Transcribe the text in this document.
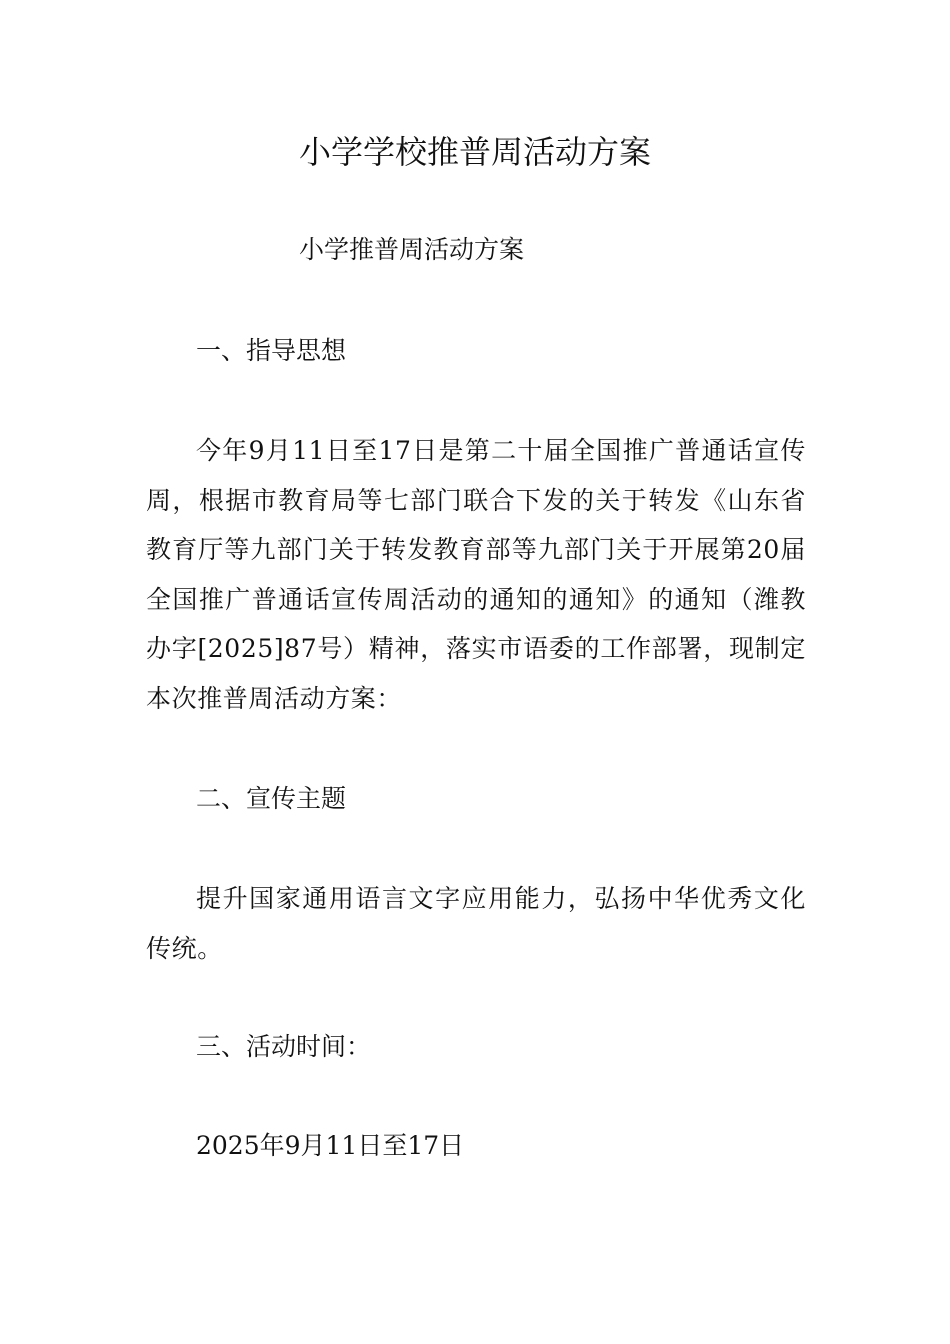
小学学校推普周活动方案

小学推普周活动方案

一、指导思想

今年9月11日至17日是第二十届全国推广普通话宣传周，根据市教育局等七部门联合下发的关于转发《山东省教育厅等九部门关于转发教育部等九部门关于开展第20届全国推广普通话宣传周活动的通知的通知》的通知（潍教办字[2025]87号）精神，落实市语委的工作部署，现制定本次推普周活动方案：

二、宣传主题

提升国家通用语言文字应用能力，弘扬中华优秀文化传统。

三、活动时间：

2025年9月11日至17日
